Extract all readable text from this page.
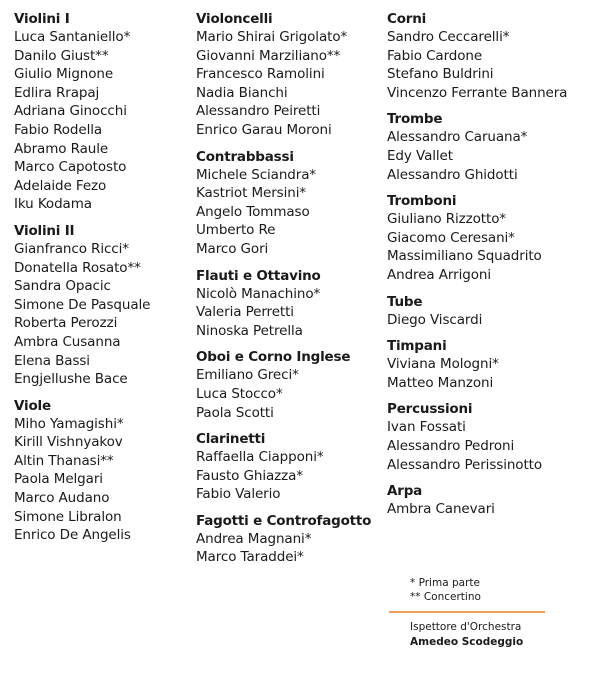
Violini I
Luca Santaniello*
Danilo Giust**
Giulio Mignone
Edlira Rrapaj
Adriana Ginocchi
Fabio Rodella
Abramo Raule
Marco Capotosto
Adelaide Fezo
Iku Kodama
Violini II
Gianfranco Ricci*
Donatella Rosato**
Sandra Opacic
Simone De Pasquale
Roberta Perozzi
Ambra Cusanna
Elena Bassi
Engjellushe Bace
Viole
Miho Yamagishi*
Kirill Vishnyakov
Altin Thanasi**
Paola Melgari
Marco Audano
Simone Libralon
Enrico De Angelis
Violoncelli
Mario Shirai Grigolato*
Giovanni Marziliano**
Francesco Ramolini
Nadia Bianchi
Alessandro Peiretti
Enrico Garau Moroni
Contrabbassi
Michele Sciandra*
Kastriot Mersini*
Angelo Tommaso
Umberto Re
Marco Gori
Flauti e Ottavino
Nicolò Manachino*
Valeria Perretti
Ninoska Petrella
Oboi e Corno Inglese
Emiliano Greci*
Luca Stocco*
Paola Scotti
Clarinetti
Raffaella Ciapponi*
Fausto Ghiazza*
Fabio Valerio
Fagotti e Controfagotto
Andrea Magnani*
Marco Taraddei*
Corni
Sandro Ceccarelli*
Fabio Cardone
Stefano Buldrini
Vincenzo Ferrante Bannera
Trombe
Alessandro Caruana*
Edy Vallet
Alessandro Ghidotti
Tromboni
Giuliano Rizzotto*
Giacomo Ceresani*
Massimiliano Squadrito
Andrea Arrigoni
Tube
Diego Viscardi
Timpani
Viviana Mologni*
Matteo Manzoni
Percussioni
Ivan Fossati
Alessandro Pedroni
Alessandro Perissinotto
Arpa
Ambra Canevari
* Prima parte
** Concertino
Ispettore d'Orchestra
Amedeo Scodeggio
